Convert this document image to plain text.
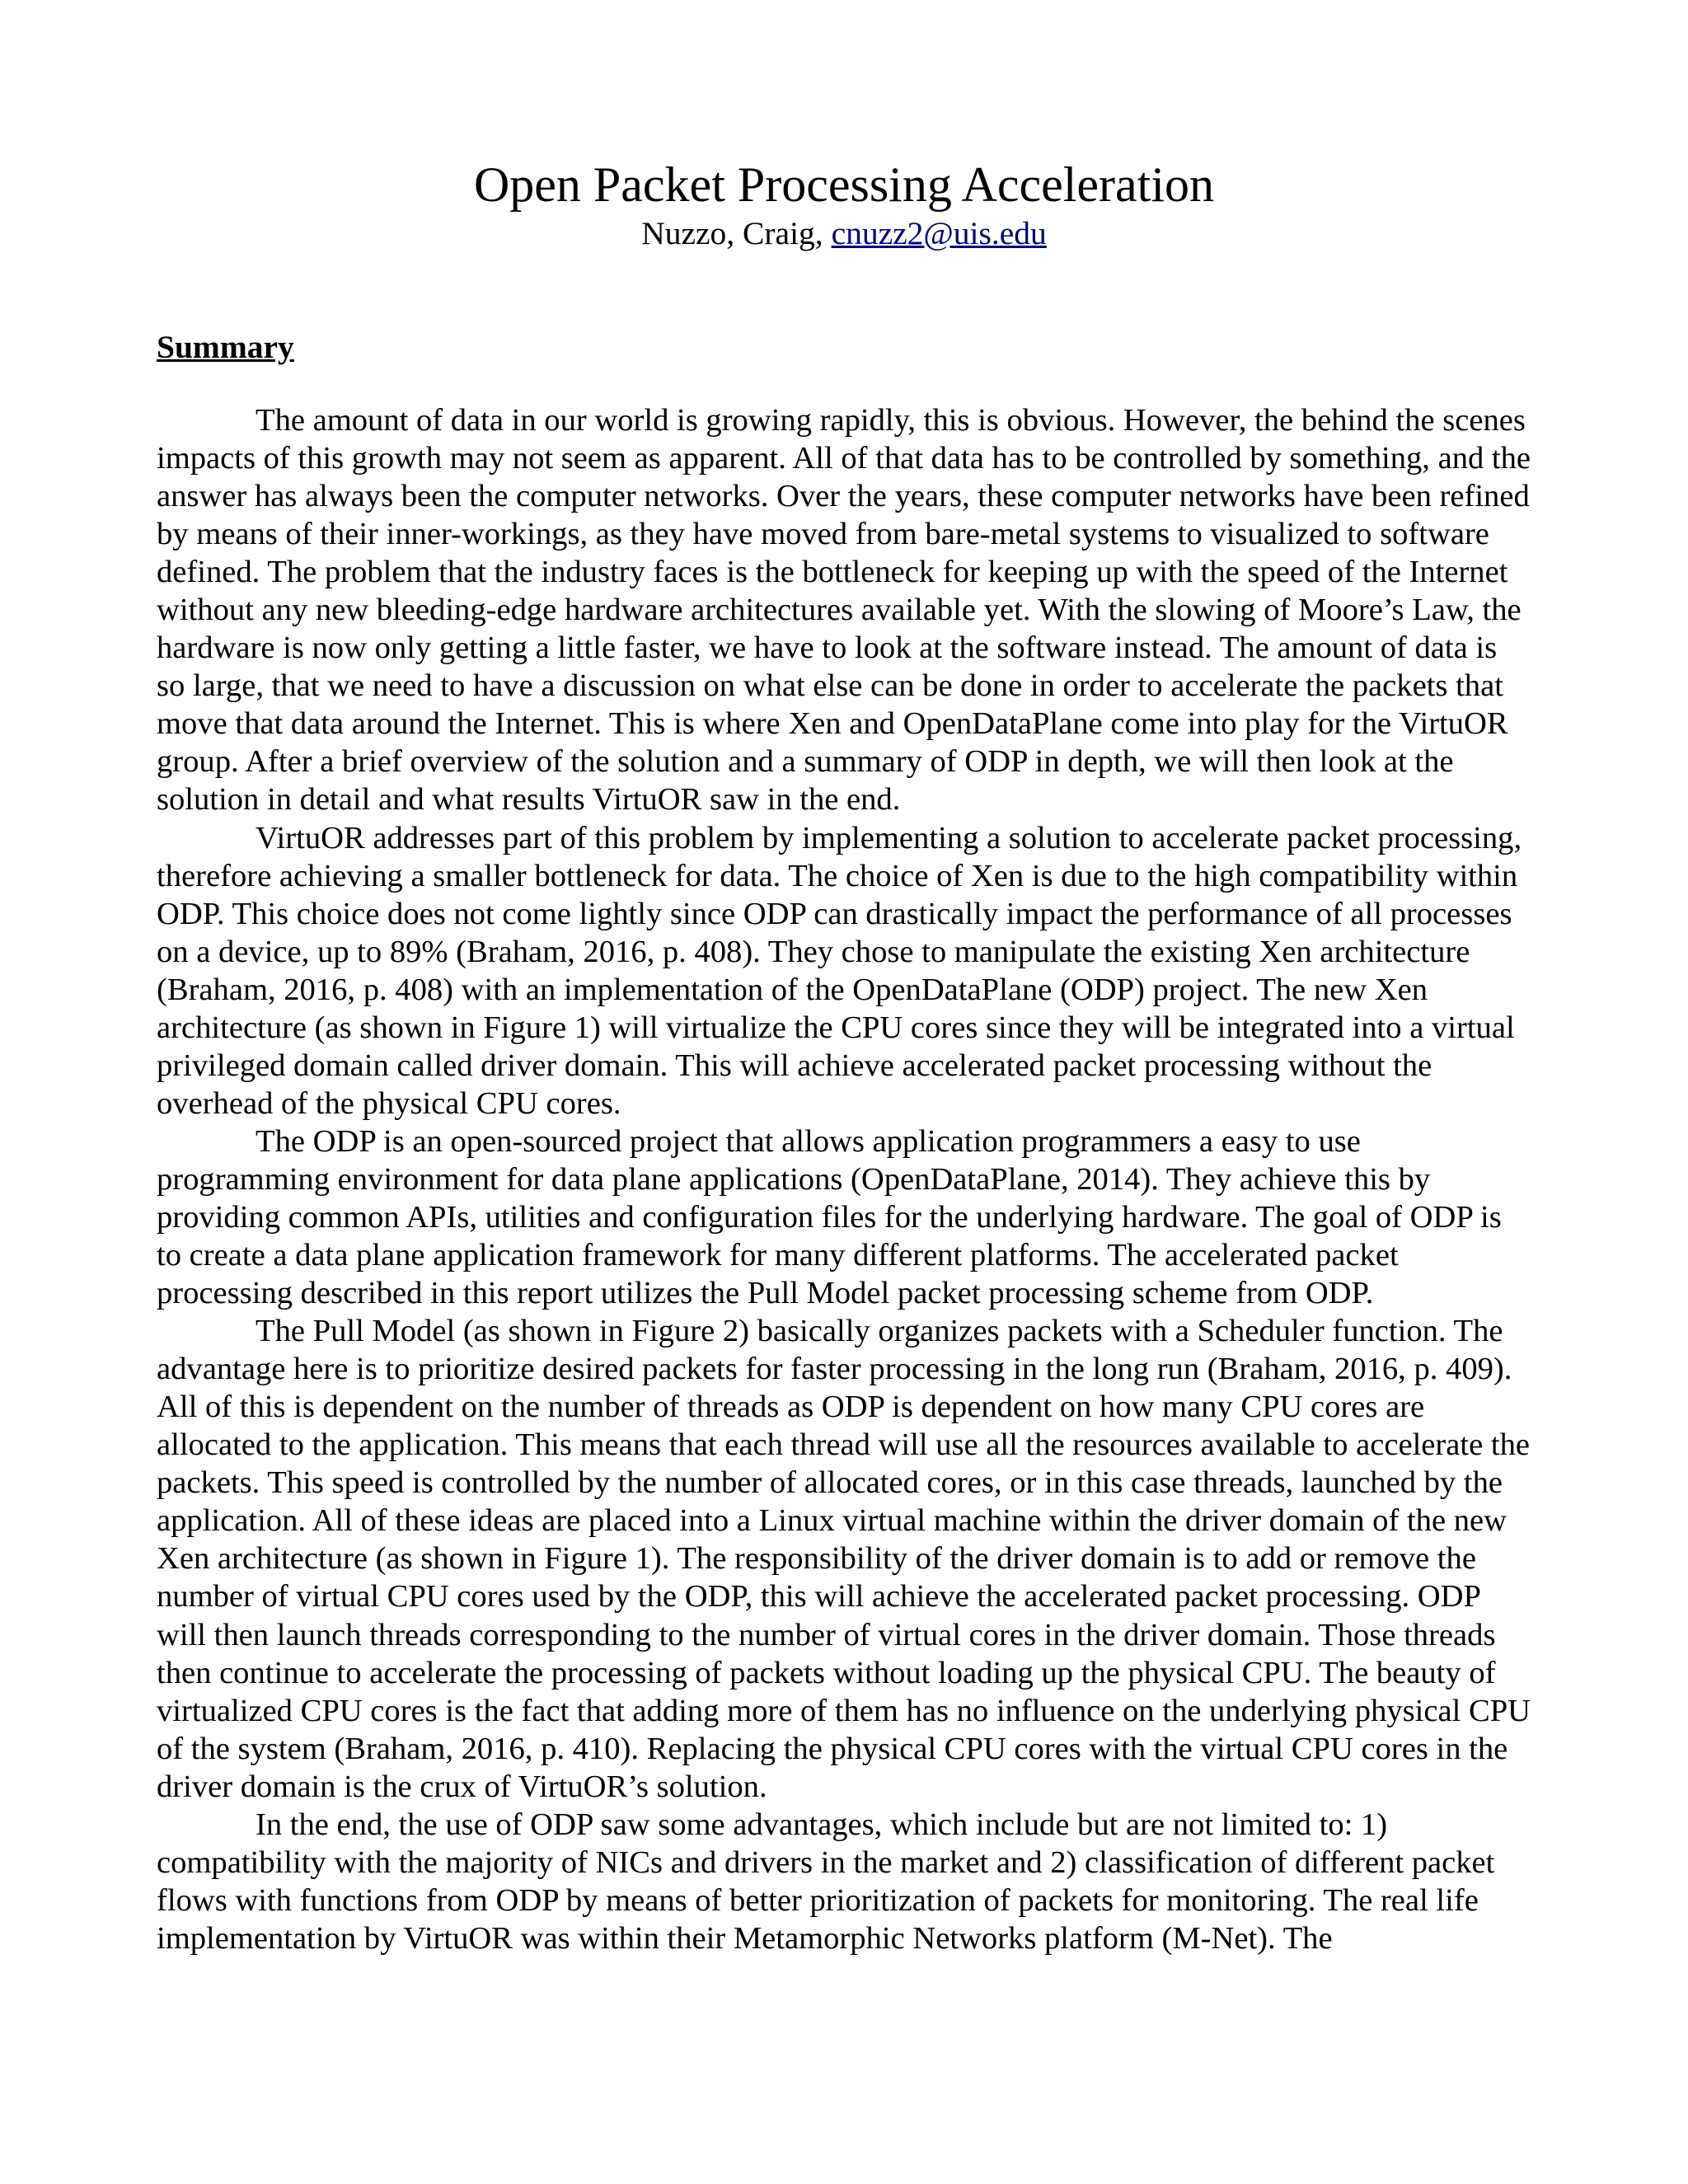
Open Packet Processing Acceleration
Nuzzo, Craig, cnuzz2@uis.edu
Summary

The amount of data in our world is growing rapidly, this is obvious. However, the behind the scenes impacts of this growth may not seem as apparent. All of that data has to be controlled by something, and the answer has always been the computer networks. Over the years, these computer networks have been refined by means of their inner-workings, as they have moved from bare-metal systems to visualized to software defined. The problem that the industry faces is the bottleneck for keeping up with the speed of the Internet without any new bleeding-edge hardware architectures available yet. With the slowing of Moore’s Law, the hardware is now only getting a little faster, we have to look at the software instead. The amount of data is so large, that we need to have a discussion on what else can be done in order to accelerate the packets that move that data around the Internet. This is where Xen and OpenDataPlane come into play for the VirtuOR group. After a brief overview of the solution and a summary of ODP in depth, we will then look at the solution in detail and what results VirtuOR saw in the end.

VirtuOR addresses part of this problem by implementing a solution to accelerate packet processing, therefore achieving a smaller bottleneck for data. The choice of Xen is due to the high compatibility within ODP. This choice does not come lightly since ODP can drastically impact the performance of all processes on a device, up to 89% (Braham, 2016, p. 408). They chose to manipulate the existing Xen architecture (Braham, 2016, p. 408) with an implementation of the OpenDataPlane (ODP) project. The new Xen architecture (as shown in Figure 1) will virtualize the CPU cores since they will be integrated into a virtual privileged domain called driver domain. This will achieve accelerated packet processing without the overhead of the physical CPU cores.

The ODP is an open-sourced project that allows application programmers a easy to use programming environment for data plane applications (OpenDataPlane, 2014). They achieve this by providing common APIs, utilities and configuration files for the underlying hardware. The goal of ODP is to create a data plane application framework for many different platforms. The accelerated packet processing described in this report utilizes the Pull Model packet processing scheme from ODP.

The Pull Model (as shown in Figure 2) basically organizes packets with a Scheduler function. The advantage here is to prioritize desired packets for faster processing in the long run (Braham, 2016, p. 409). All of this is dependent on the number of threads as ODP is dependent on how many CPU cores are allocated to the application. This means that each thread will use all the resources available to accelerate the packets. This speed is controlled by the number of allocated cores, or in this case threads, launched by the application. All of these ideas are placed into a Linux virtual machine within the driver domain of the new Xen architecture (as shown in Figure 1). The responsibility of the driver domain is to add or remove the number of virtual CPU cores used by the ODP, this will achieve the accelerated packet processing. ODP will then launch threads corresponding to the number of virtual cores in the driver domain. Those threads then continue to accelerate the processing of packets without loading up the physical CPU. The beauty of virtualized CPU cores is the fact that adding more of them has no influence on the underlying physical CPU of the system (Braham, 2016, p. 410). Replacing the physical CPU cores with the virtual CPU cores in the driver domain is the crux of VirtuOR’s solution.

In the end, the use of ODP saw some advantages, which include but are not limited to: 1) compatibility with the majority of NICs and drivers in the market and 2) classification of different packet flows with functions from ODP by means of better prioritization of packets for monitoring. The real life implementation by VirtuOR was within their Metamorphic Networks platform (M-Net). The
